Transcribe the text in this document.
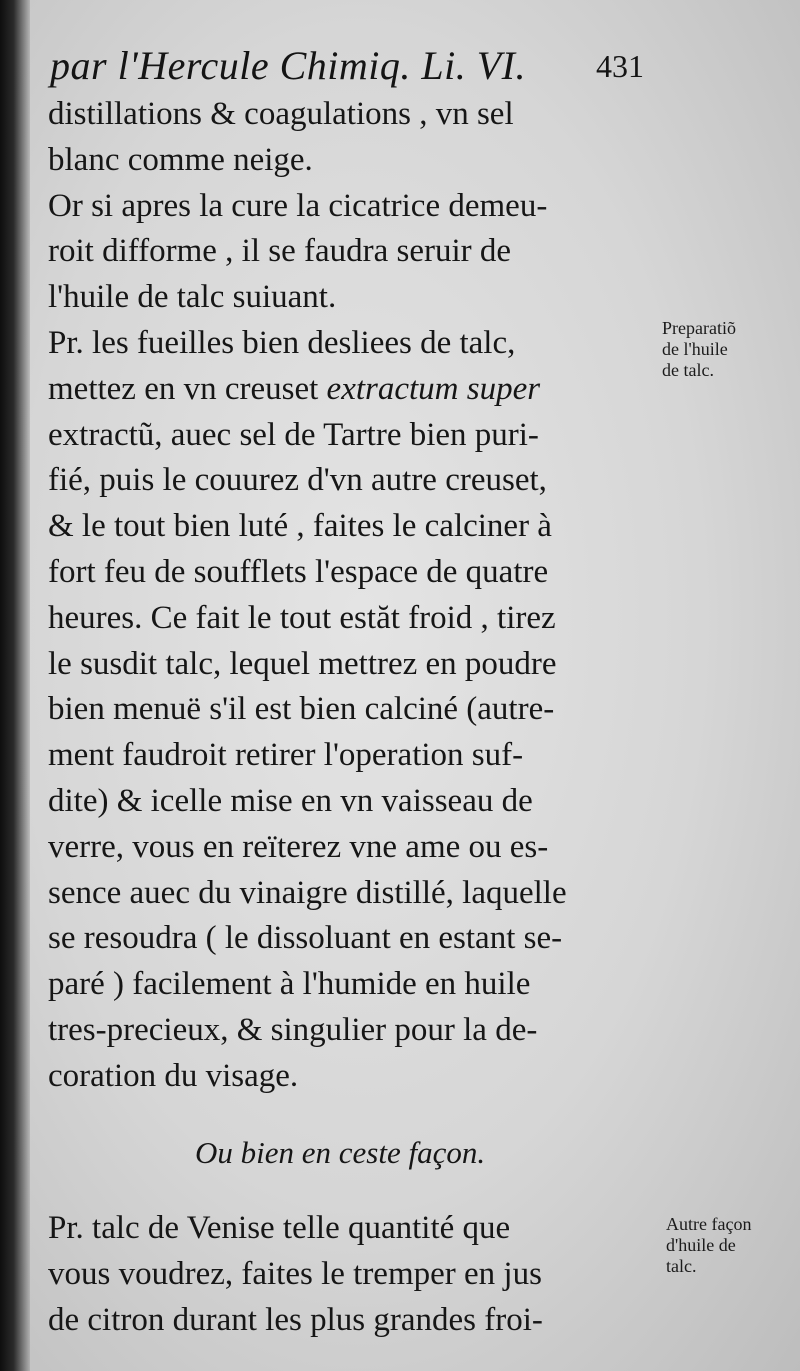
par l'Hercule Chimiq. Li. VI. 431
distillations & coagulations , vn sel
blanc comme neige.
Or si apres la cure la cicatrice demeu-
roit difforme , il se faudra seruir de
l'huile de talc suiuant.
Pr. les fueilles bien desliees de talc,
mettez en vn creuset extractum super
extractũ, auec sel de Tartre bien puri-
fié, puis le couurez d'vn autre creuset,
& le tout bien luté , faites le calciner à
fort feu de soufflets l'espace de quatre
heures. Ce fait le tout estăt froid , tirez
le susdit talc, lequel mettrez en poudre
bien menuë s'il est bien calciné (autre-
ment faudroit retirer l'operation suf-
dite) & icelle mise en vn vaisseau de
verre, vous en reïterez vne ame ou es-
sence auec du vinaigre distillé, laquelle
se resoudra ( le dissoluant en estant se-
paré ) facilement à l'humide en huile
tres-precieux, & singulier pour la de-
coration du visage.
Ou bien en ceste façon.
Pr. talc de Venise telle quantité que
vous voudrez, faites le tremper en jus
de citron durant les plus grandes froi-
Preparatiõ
de l'huile
de talc.
Autre façon
d'huile de
talc.
